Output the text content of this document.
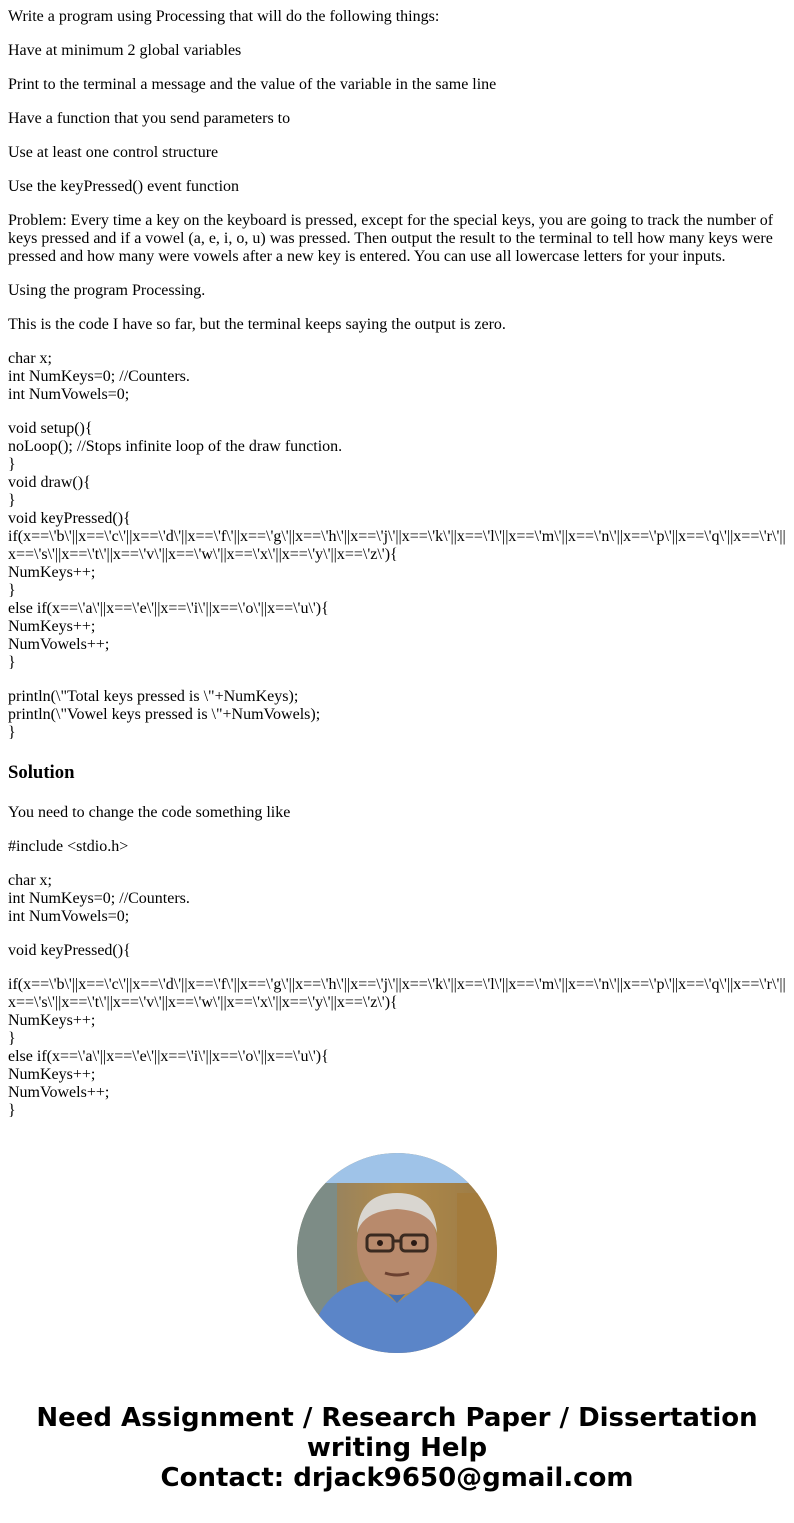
Write a program using Processing that will do the following things:
Have at minimum 2 global variables
Print to the terminal a message and the value of the variable in the same line
Have a function that you send parameters to
Use at least one control structure
Use the keyPressed() event function
Problem: Every time a key on the keyboard is pressed, except for the special keys, you are going to track the number of keys pressed and if a vowel (a, e, i, o, u) was pressed. Then output the result to the terminal to tell how many keys were pressed and how many were vowels after a new key is entered. You can use all lowercase letters for your inputs.
Using the program Processing.
This is the code I have so far, but the terminal keeps saying the output is zero.
char x;
int NumKeys=0; //Counters.
int NumVowels=0;
void setup(){
noLoop(); //Stops infinite loop of the draw function.
}
void draw(){
}
void keyPressed(){
if(x==\'b\'||x==\'c\'||x==\'d\'||x==\'f\'||x==\'g\'||x==\'h\'||x==\'j\'||x==\'k\'||x==\'l\'||x==\'m\'||x==\'n\'||x==\'p\'||x==\'q\'||x==\'r\'||x==\'s\'||x==\'t\'||x==\'v\'||x==\'w\'||x==\'x\'||x==\'y\'||x==\'z\'){
NumKeys++;
}
else if(x==\'a\'||x==\'e\'||x==\'i\'||x==\'o\'||x==\'u\'){
NumKeys++;
NumVowels++;
}
println(\"Total keys pressed is \"+NumKeys);
println(\"Vowel keys pressed is \"+NumVowels);
}
Solution
You need to change the code something like
#include <stdio.h>
char x;
int NumKeys=0; //Counters.
int NumVowels=0;
void keyPressed(){
if(x==\'b\'||x==\'c\'||x==\'d\'||x==\'f\'||x==\'g\'||x==\'h\'||x==\'j\'||x==\'k\'||x==\'l\'||x==\'m\'||x==\'n\'||x==\'p\'||x==\'q\'||x==\'r\'||x==\'s\'||x==\'t\'||x==\'v\'||x==\'w\'||x==\'x\'||x==\'y\'||x==\'z\'){
NumKeys++;
}
else if(x==\'a\'||x==\'e\'||x==\'i\'||x==\'o\'||x==\'u\'){
NumKeys++;
NumVowels++;
}
Need Assignment / Research Paper / Dissertation
writing Help
Contact: drjack9650@gmail.com
